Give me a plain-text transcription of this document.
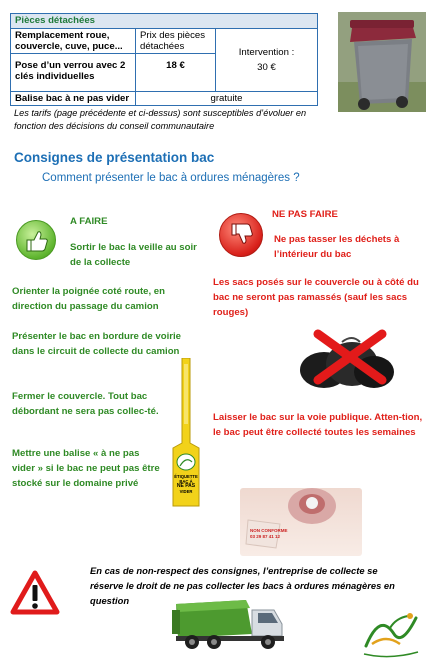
Pièces détachées
Remplacement roue, couvercle, cuve, puce...
Prix des pièces détachées
Intervention :
30 €
Pose d’un verrou avec 2 clés individuelles
18 €
Balise bac à ne pas vider	gratuite
Les tarifs (page précédente et ci-dessus) sont susceptibles d’évoluer en fonction des décisions du conseil communautaire
Consignes de présentation bac
Comment présenter le bac à ordures ménagères ?
A FAIRE
Sortir le bac la veille au soir de la collecte
Orienter la poignée coté route, en direction du passage du camion
Présenter le bac en bordure de voirie dans le circuit de collecte du camion
Fermer le couvercle. Tout bac débordant ne sera pas collec-té.
Mettre une balise « à ne pas vider » si le bac ne peut pas être stocké sur le domaine privé
ÉTIQUETTE
BAC À
NE PAS
VIDER
NE PAS FAIRE
Ne pas tasser les déchets à l’intérieur du bac
Les sacs posés sur le couvercle ou à côté du bac ne seront pas ramassés (sauf les sacs rouges)
Laisser le bac sur la voie publique. Atten-tion, le bac peut être collecté toutes les semaines
NON CONFORME
03 29 87 41 12
En cas de non-respect des consignes, l’entreprise de collecte se réserve le droit de ne pas collecter les bacs à ordures ménagères en question
